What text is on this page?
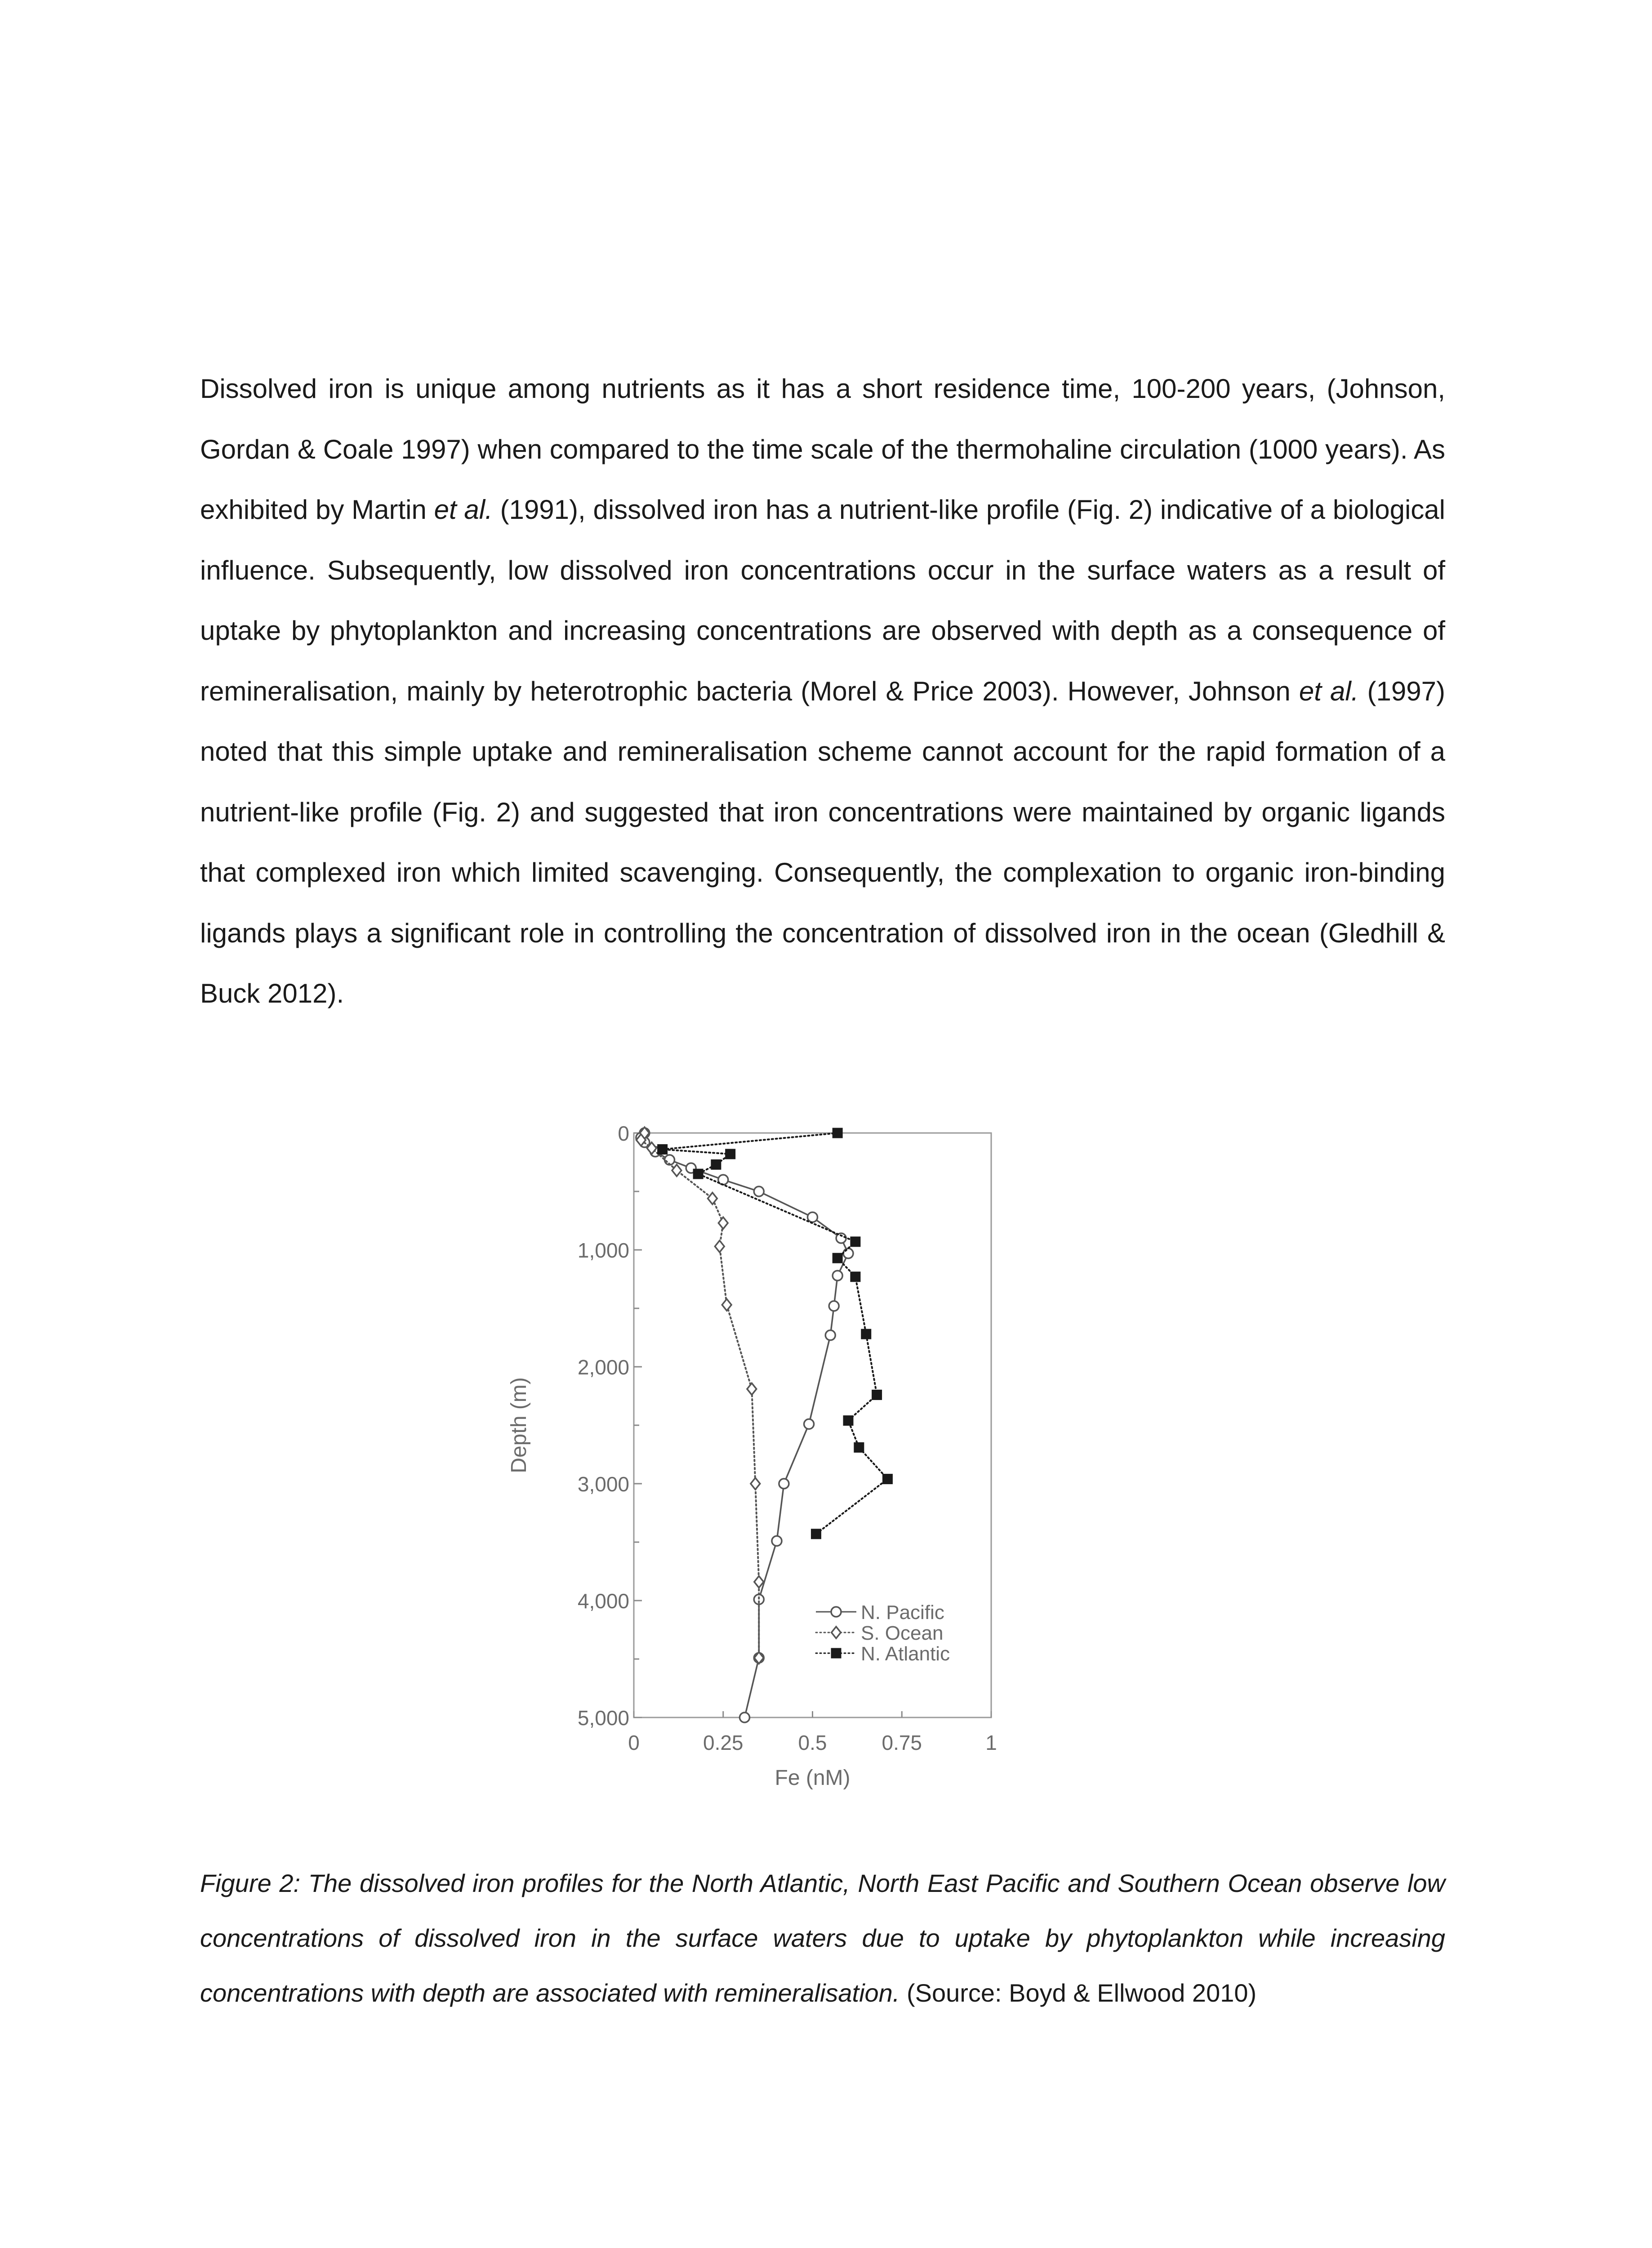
Dissolved iron is unique among nutrients as it has a short residence time, 100-200 years, (Johnson, Gordan & Coale 1997) when compared to the time scale of the thermohaline circulation (1000 years). As exhibited by Martin et al. (1991), dissolved iron has a nutrient-like profile (Fig. 2) indicative of a biological influence. Subsequently, low dissolved iron concentrations occur in the surface waters as a result of uptake by phytoplankton and increasing concentrations are observed with depth as a consequence of remineralisation, mainly by heterotrophic bacteria (Morel & Price 2003). However, Johnson et al. (1997) noted that this simple uptake and remineralisation scheme cannot account for the rapid formation of a nutrient-like profile (Fig. 2) and suggested that iron concentrations were maintained by organic ligands that complexed iron which limited scavenging. Consequently, the complexation to organic iron-binding ligands plays a significant role in controlling the concentration of dissolved iron in the ocean (Gledhill & Buck 2012).

N. Pacific
S. Ocean
N. Atlantic
0
1,000
2,000
3,000
4,000
5,000
0	0.25	0.5	0.75	1
Fe (nM)
Depth (m)

Figure 2: The dissolved iron profiles for the North Atlantic, North East Pacific and Southern Ocean observe low concentrations of dissolved iron in the surface waters due to uptake by phytoplankton while increasing concentrations with depth are associated with remineralisation. (Source: Boyd & Ellwood 2010)
